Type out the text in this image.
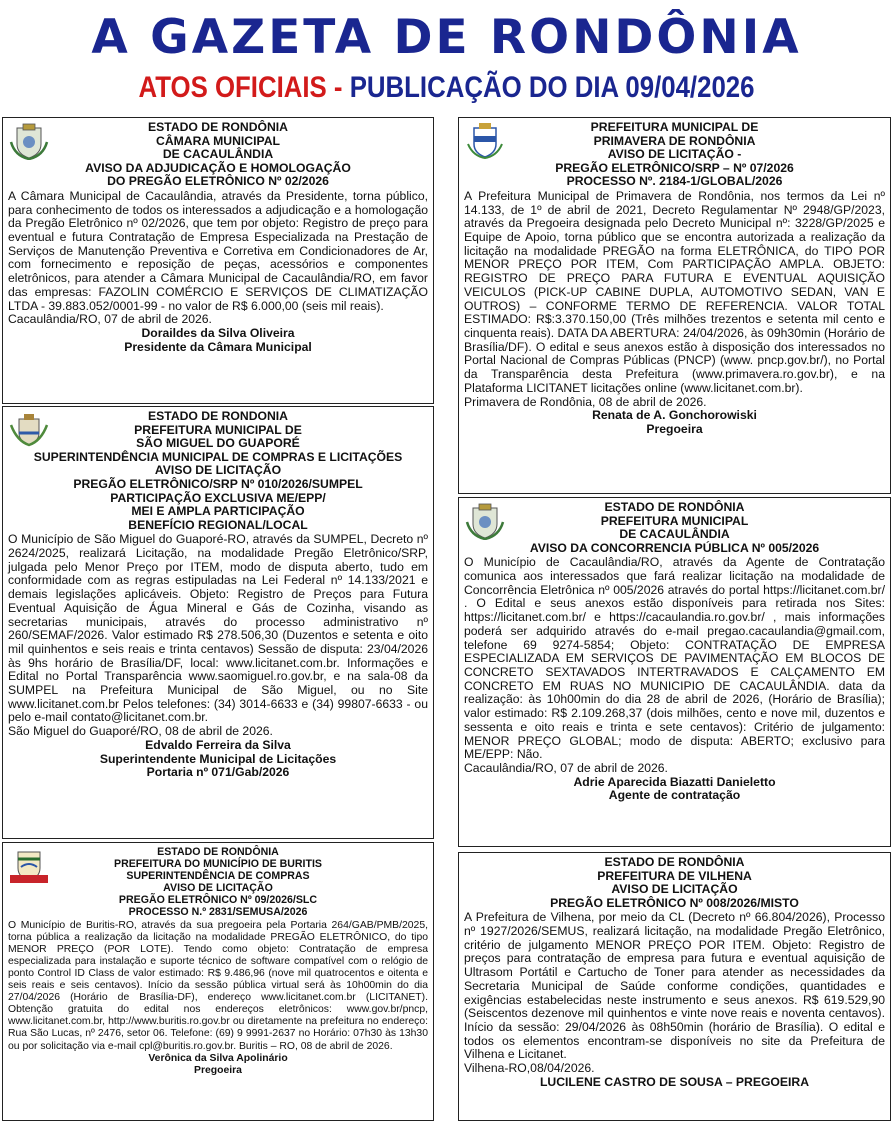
A GAZETA DE RONDÔNIA
ATOS OFICIAIS - PUBLICAÇÃO DO DIA 09/04/2026
ESTADO DE RONDÔNIA
CÂMARA MUNICIPAL
DE CACAULÂNDIA
AVISO DA ADJUDICAÇÃO E HOMOLOGAÇÃO
DO PREGÃO ELETRÔNICO Nº 02/2026
A Câmara Municipal de Cacaulândia, através da Presidente, torna público, para conhecimento de todos os interessados a adjudicação e a homologação da Pregão Eletrônico nº 02/2026, que tem por objeto: Registro de preço para eventual e futura Contratação de Empresa Especializada na Prestação de Serviços de Manutenção Preventiva e Corretiva em Condicionadores de Ar, com fornecimento e reposição de peças, acessórios e componentes eletrônicos, para atender a Câmara Municipal de Cacaulândia/RO, em favor das empresas: FAZOLIN COMÉRCIO E SERVIÇOS DE CLIMATIZAÇÃO LTDA - 39.883.052/0001-99 - no valor de R$ 6.000,00 (seis mil reais).
Cacaulândia/RO, 07 de abril de 2026.
Doraildes da Silva Oliveira
Presidente da Câmara Municipal
ESTADO DE RONDONIA
PREFEITURA MUNICIPAL DE
SÃO MIGUEL DO GUAPORÉ
SUPERINTENDÊNCIA MUNICIPAL DE COMPRAS E LICITAÇÕES
AVISO DE LICITAÇÃO
PREGÃO ELETRÔNICO/SRP Nº 010/2026/SUMPEL
PARTICIPAÇÃO EXCLUSIVA ME/EPP/
MEI E AMPLA PARTICIPAÇÃO
BENEFÍCIO REGIONAL/LOCAL
O Município de São Miguel do Guaporé-RO, através da SUMPEL, Decreto nº 2624/2025, realizará Licitação, na modalidade Pregão Eletrônico/SRP, julgada pelo Menor Preço por ITEM, modo de disputa aberto, tudo em conformidade com as regras estipuladas na Lei Federal nº 14.133/2021 e demais legislações aplicáveis. Objeto: Registro de Preços para Futura Eventual Aquisição de Água Mineral e Gás de Cozinha, visando as secretarias municipais, através do processo administrativo nº 260/SEMAF/2026. Valor estimado R$ 278.506,30 (Duzentos e setenta e oito mil quinhentos e seis reais e trinta centavos) Sessão de disputa: 23/04/2026 às 9hs horário de Brasília/DF, local: www.licitanet.com.br. Informações e Edital no Portal Transparência www.saomiguel.ro.gov.br, e na sala-08 da SUMPEL na Prefeitura Municipal de São Miguel, ou no Site www.licitanet.com.br Pelos telefones: (34) 3014-6633 e (34) 99807-6633 - ou pelo e-mail contato@licitanet.com.br.
São Miguel do Guaporé/RO, 08 de abril de 2026.
Edvaldo Ferreira da Silva
Superintendente Municipal de Licitações
Portaria nº 071/Gab/2026
ESTADO DE RONDÔNIA
PREFEITURA DO MUNICÍPIO DE BURITIS
SUPERINTENDÊNCIA DE COMPRAS
AVISO DE LICITAÇÃO
PREGÃO ELETRÔNICO Nº 09/2026/SLC
PROCESSO N.º 2831/SEMUSA/2026
O Município de Buritis-RO, através da sua pregoeira pela Portaria 264/GAB/PMB/2025, torna pública a realização da licitação na modalidade PREGÃO ELETRÔNICO, do tipo MENOR PREÇO (POR LOTE). Tendo como objeto: Contratação de empresa especializada para instalação e suporte técnico de software compatível com o relógio de ponto Control ID Class de valor estimado: R$ 9.486,96 (nove mil quatrocentos e oitenta e seis reais e seis centavos). Início da sessão pública virtual será às 10h00min do dia 27/04/2026 (Horário de Brasília-DF), endereço www.licitanet.com.br (LICITANET). Obtenção gratuita do edital nos endereços eletrônicos: www.gov.br/pncp, www.licitanet.com.br, http://www.buritis.ro.gov.br ou diretamente na prefeitura no endereço: Rua São Lucas, nº 2476, setor 06. Telefone: (69) 9 9991-2637 no Horário: 07h30 às 13h30 ou por solicitação via e-mail cpl@buritis.ro.gov.br. Buritis – RO, 08 de abril de 2026.
Verônica da Silva Apolinário
Pregoeira
PREFEITURA MUNICIPAL DE
PRIMAVERA DE RONDÔNIA
AVISO DE LICITAÇÃO -
PREGÃO ELETRÔNICO/SRP – Nº 07/2026
PROCESSO Nº. 2184-1/GLOBAL/2026
A Prefeitura Municipal de Primavera de Rondônia, nos termos da Lei nº 14.133, de 1º de abril de 2021, Decreto Regulamentar Nº 2948/GP/2023, através da Pregoeira designada pelo Decreto Municipal nº: 3228/GP/2025 e Equipe de Apoio, torna público que se encontra autorizada a realização da licitação na modalidade PREGÃO na forma ELETRÔNICA, do TIPO POR MENOR PREÇO POR ITEM, Com PARTICIPAÇÃO AMPLA. OBJETO: REGISTRO DE PREÇO PARA FUTURA E EVENTUAL AQUISIÇÃO VEICULOS (PICK-UP CABINE DUPLA, AUTOMOTIVO SEDAN, VAN E OUTROS) – CONFORME TERMO DE REFERENCIA. VALOR TOTAL ESTIMADO: R$:3.370.150,00 (Três milhões trezentos e setenta mil cento e cinquenta reais). DATA DA ABERTURA: 24/04/2026, às 09h30min (Horário de Brasília/DF). O edital e seus anexos estão à disposição dos interessados no Portal Nacional de Compras Públicas (PNCP) (www. pncp.gov.br/), no Portal da Transparência desta Prefeitura (www.primavera.ro.gov.br), e na Plataforma LICITANET licitações online (www.licitanet.com.br).
Primavera de Rondônia, 08 de abril de 2026.
Renata de A. Gonchorowiski
Pregoeira
ESTADO DE RONDÔNIA
PREFEITURA MUNICIPAL
DE CACAULÂNDIA
AVISO DA CONCORRENCIA PÚBLICA Nº 005/2026
O Município de Cacaulândia/RO, através da Agente de Contratação comunica aos interessados que fará realizar licitação na modalidade de Concorrência Eletrônica nº 005/2026 através do portal https://licitanet.com.br/ . O Edital e seus anexos estão disponíveis para retirada nos Sites: https://licitanet.com.br/ e https://cacaulandia.ro.gov.br/ , mais informações poderá ser adquirido através do e-mail pregao.cacaulandia@gmail.com, telefone 69 9274-5854; Objeto: CONTRATAÇÃO DE EMPRESA ESPECIALIZADA EM SERVIÇOS DE PAVIMENTAÇÃO EM BLOCOS DE CONCRETO SEXTAVADOS INTERTRAVADOS E CALÇAMENTO EM CONCRETO EM RUAS NO MUNICIPIO DE CACAULÂNDIA. data da realização: às 10h00min do dia 28 de abril de 2026, (Horário de Brasília); valor estimado: R$ 2.109.268,37 (dois milhões, cento e nove mil, duzentos e sessenta e oito reais e trinta e sete centavos): Critério de julgamento: MENOR PREÇO GLOBAL; modo de disputa: ABERTO; exclusivo para ME/EPP: Não.
Cacaulândia/RO, 07 de abril de 2026.
Adrie Aparecida Biazatti Danieletto
Agente de contratação
ESTADO DE RONDÔNIA
PREFEITURA DE VILHENA
AVISO DE LICITAÇÃO
PREGÃO ELETRÔNICO Nº 008/2026/MISTO
A Prefeitura de Vilhena, por meio da CL (Decreto nº 66.804/2026), Processo nº 1927/2026/SEMUS, realizará licitação, na modalidade Pregão Eletrônico, critério de julgamento MENOR PREÇO POR ITEM. Objeto: Registro de preços para contratação de empresa para futura e eventual aquisição de Ultrasom Portátil e Cartucho de Toner para atender as necessidades da Secretaria Municipal de Saúde conforme condições, quantidades e exigências estabelecidas neste instrumento e seus anexos. R$ 619.529,90 (Seiscentos dezenove mil quinhentos e vinte nove reais e noventa centavos). Início da sessão: 29/04/2026 às 08h50min (horário de Brasília). O edital e todos os elementos encontram-se disponíveis no site da Prefeitura de Vilhena e Licitanet.
Vilhena-RO,08/04/2026.
LUCILENE CASTRO DE SOUSA – PREGOEIRA
